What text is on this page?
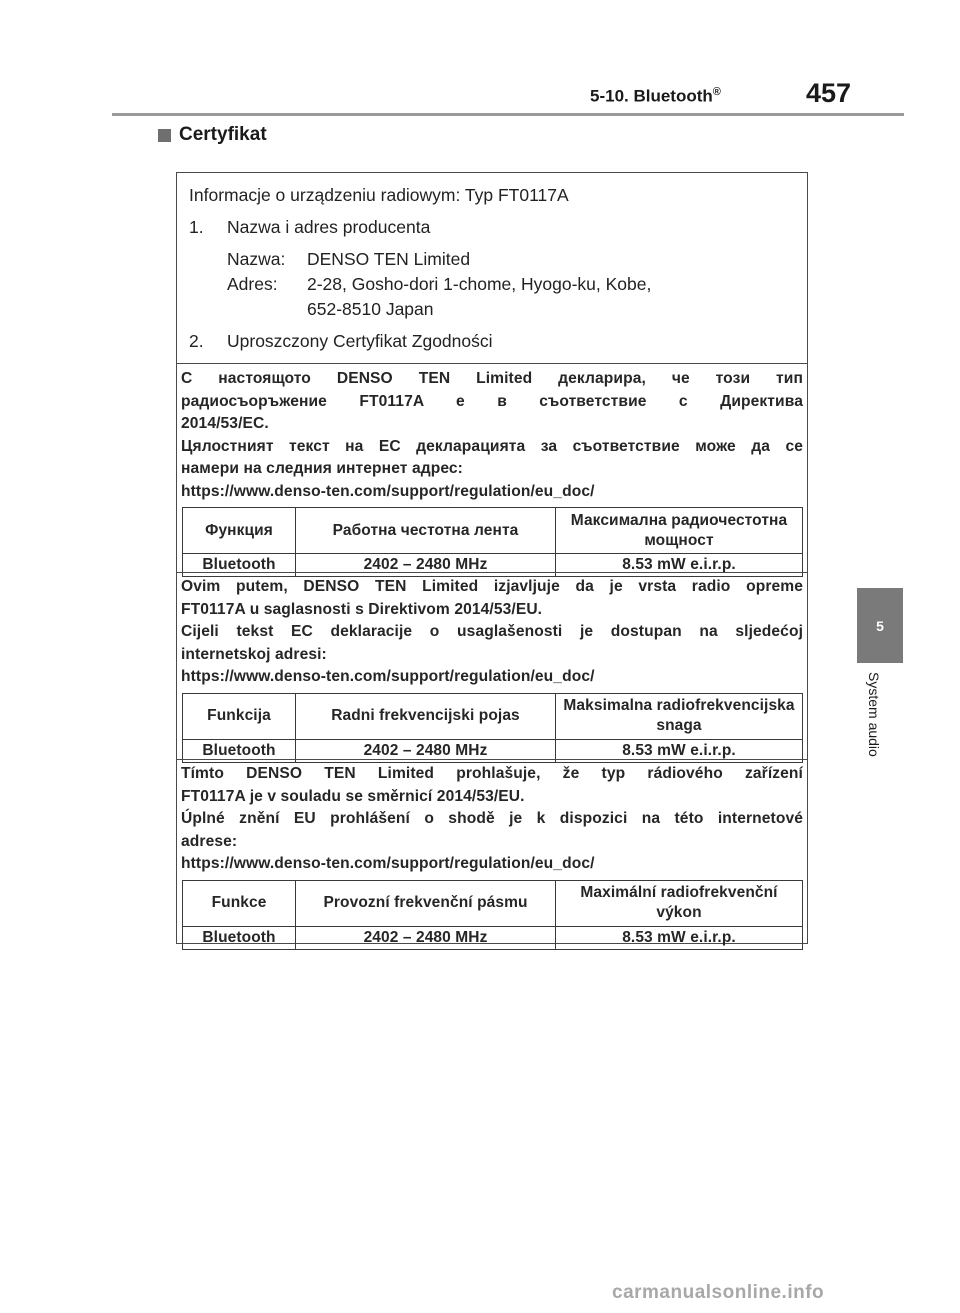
5-10. Bluetooth®	457
Certyfikat
5
System audio
Informacje o urządzeniu radiowym: Typ FT0117A
1. Nazwa i adres producenta
Nazwa: DENSO TEN Limited
Adres: 2-28, Gosho-dori 1-chome, Hyogo-ku, Kobe,
652-8510 Japan
2. Uproszczony Certyfikat Zgodności

С настоящото DENSO TEN Limited декларира, че този тип

радиосъоръжение FT0117A е в съответствие с Директива

2014/53/EC.

Цялостният текст на ЕС декларацията за съответствие може да се

намери на следния интернет адрес:

https://www.denso-ten.com/support/regulation/eu_doc/

Функция	Работна честотна лента	Максимална радиочестотна мощност
Bluetooth	2402 – 2480 MHz	8.53 mW e.i.r.p.

Ovim putem, DENSO TEN Limited izjavljuje da je vrsta radio opreme

FT0117A u saglasnosti s Direktivom 2014/53/EU.

Cijeli tekst EC deklaracije o usaglašenosti je dostupan na sljedećoj

internetskoj adresi:

https://www.denso-ten.com/support/regulation/eu_doc/

Funkcija	Radni frekvencijski pojas	Maksimalna radiofrekvencijska snaga
Bluetooth	2402 – 2480 MHz	8.53 mW e.i.r.p.

Tímto DENSO TEN Limited prohlašuje, že typ rádiového zařízení

FT0117A je v souladu se směrnicí 2014/53/EU.

Úplné znění EU prohlášení o shodě je k dispozici na této internetové

adrese:

https://www.denso-ten.com/support/regulation/eu_doc/

Funkce	Provozní frekvenční pásmu	Maximální radiofrekvenční výkon
Bluetooth	2402 – 2480 MHz	8.53 mW e.i.r.p.
carmanualsonline.info
